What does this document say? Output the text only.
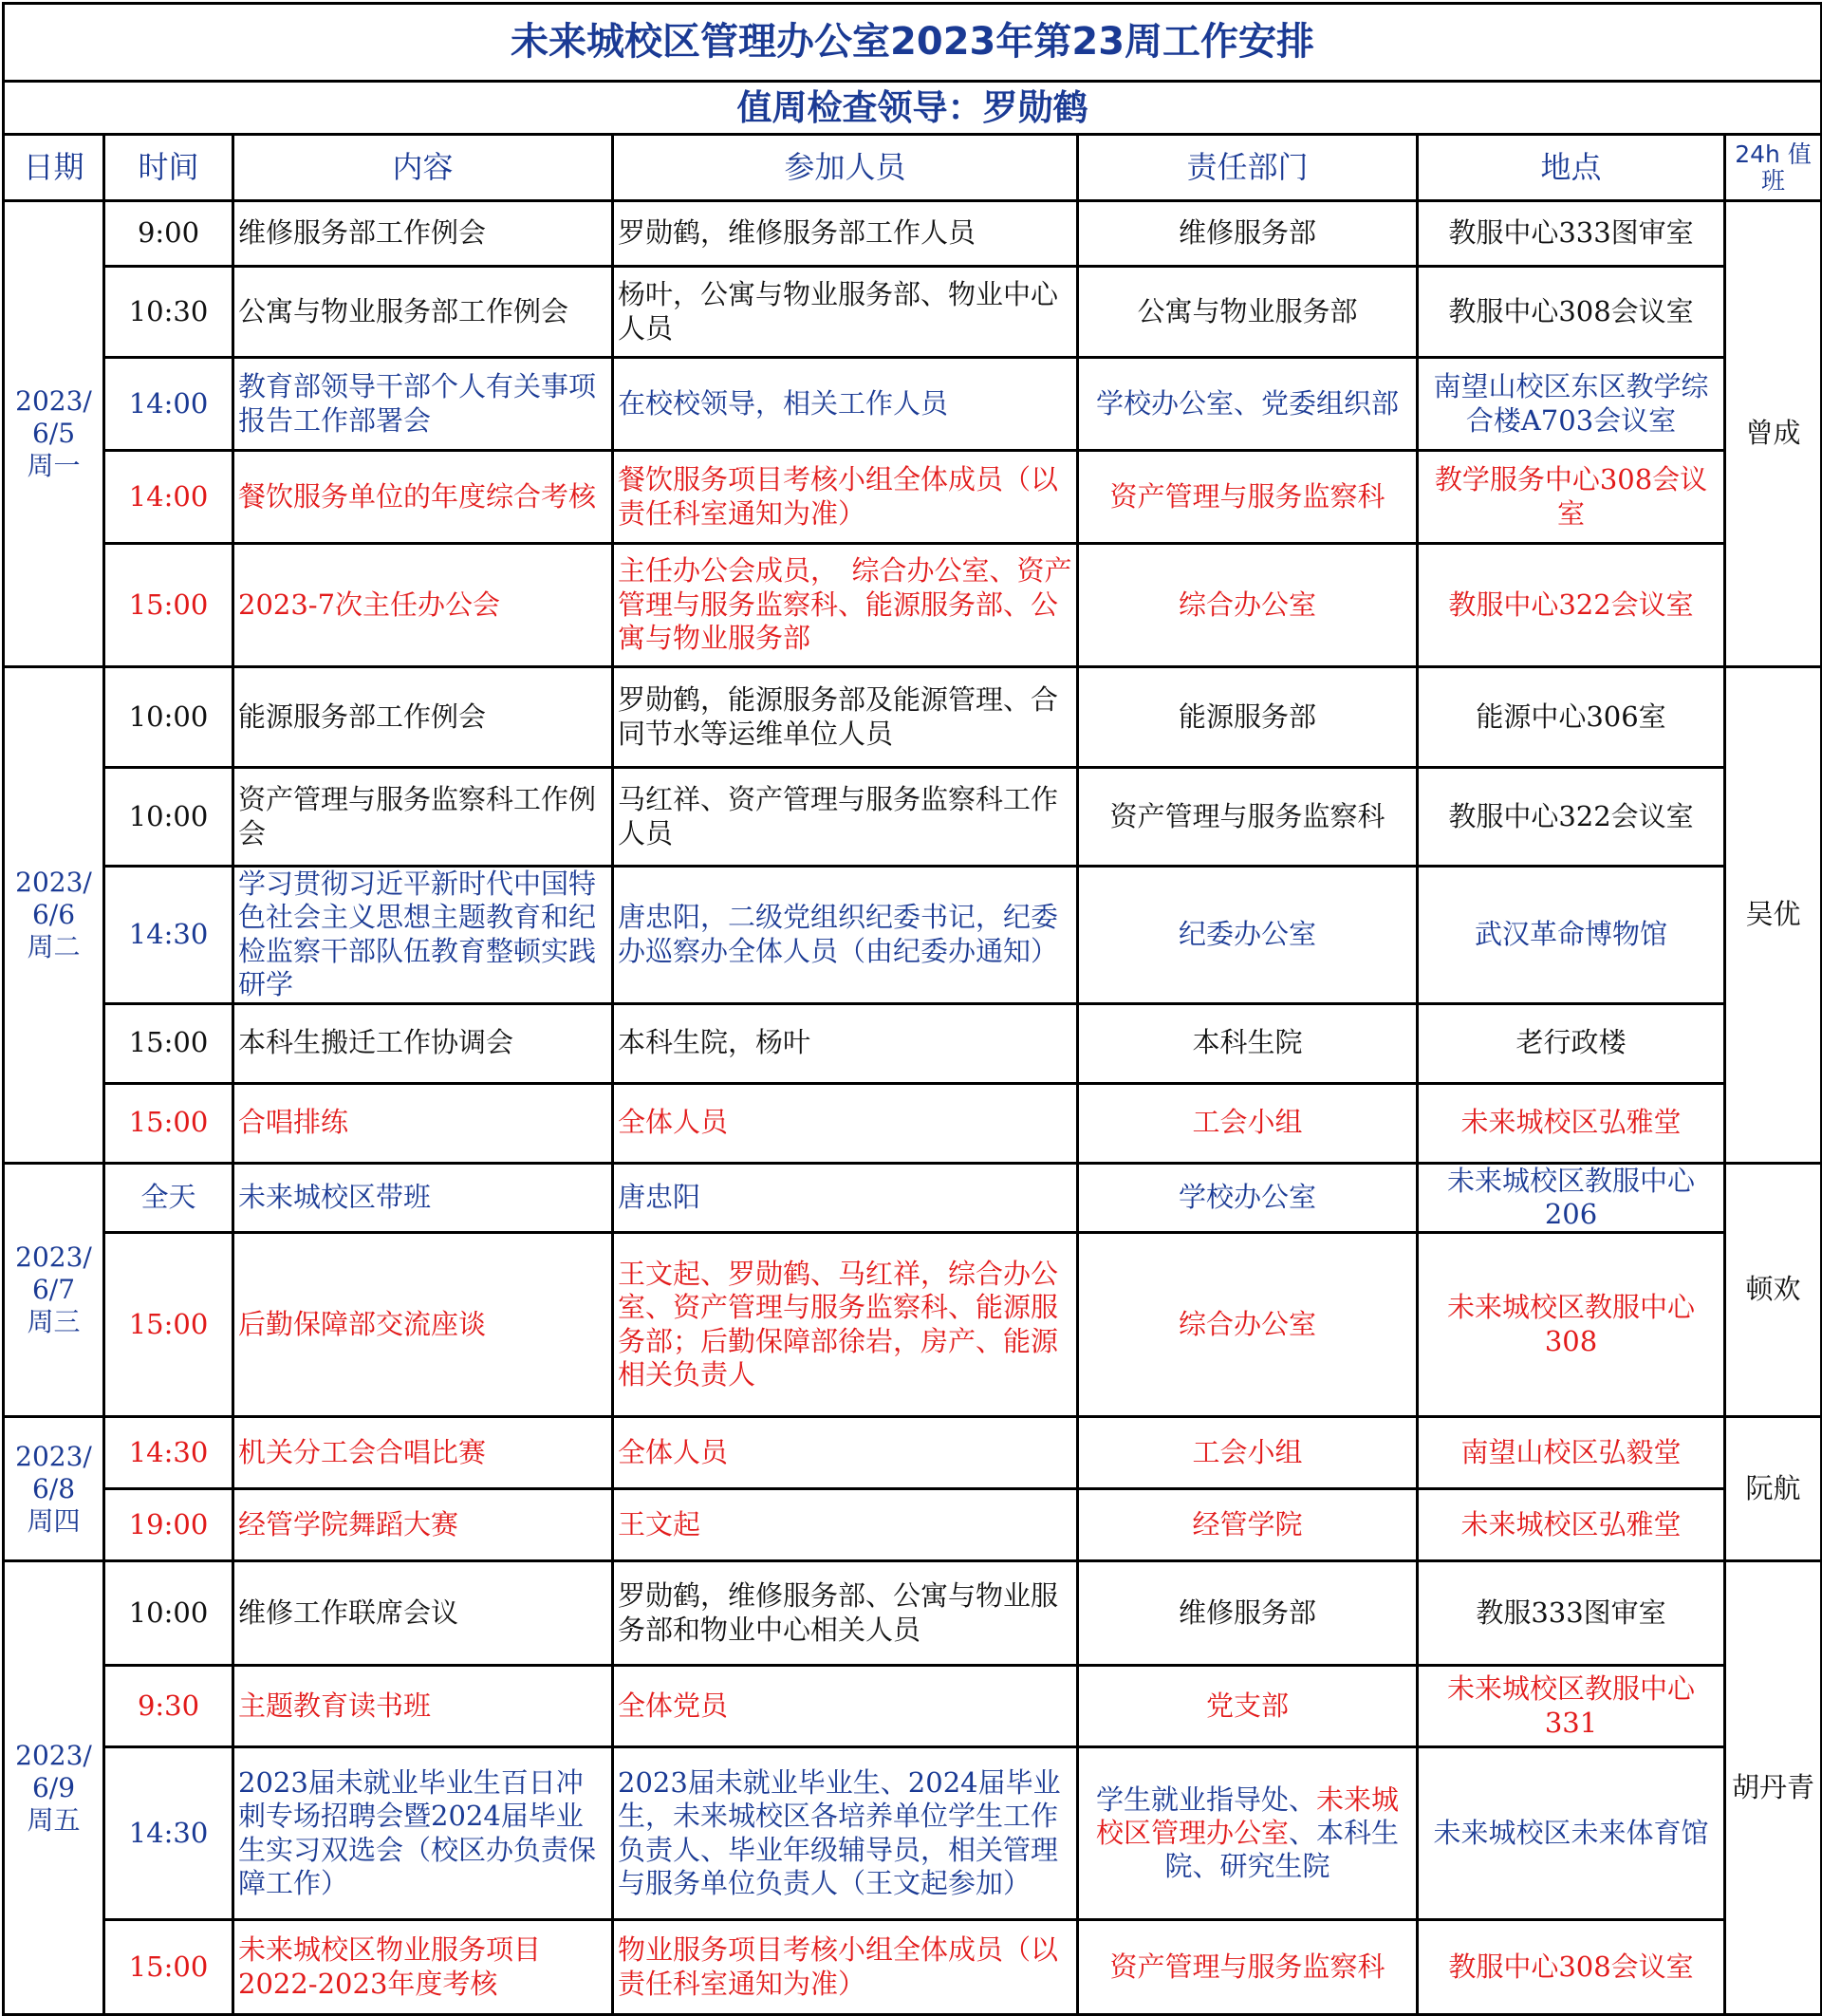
未来城校区管理办公室2023年第23周工作安排						
值周检查领导：罗勋鹤						
日期	时间	内容	参加人员	责任部门	地点	24h 值班

2023/6/5
周一	9:00	维修服务部工作例会	罗勋鹤，维修服务部工作人员	维修服务部	教服中心333图审室	曾成
	10:30	公寓与物业服务部工作例会	杨叶，公寓与物业服务部、物业中心人员	公寓与物业服务部	教服中心308会议室	
	14:00	教育部领导干部个人有关事项报告工作部署会	在校校领导，相关工作人员	学校办公室、党委组织部	南望山校区东区教学综合楼A703会议室	
	14:00	餐饮服务单位的年度综合考核	餐饮服务项目考核小组全体成员（以责任科室通知为准）	资产管理与服务监察科	教学服务中心308会议室	
	15:00	2023-7次主任办公会	主任办公会成员，　综合办公室、资产管理与服务监察科、能源服务部、公寓与物业服务部	综合办公室	教服中心322会议室	

2023/6/6
周二	10:00	能源服务部工作例会	罗勋鹤，能源服务部及能源管理、合同节水等运维单位人员	能源服务部	能源中心306室	吴优
	10:00	资产管理与服务监察科工作例会	马红祥、资产管理与服务监察科工作人员	资产管理与服务监察科	教服中心322会议室	
	14:30	学习贯彻习近平新时代中国特色社会主义思想主题教育和纪检监察干部队伍教育整顿实践研学	唐忠阳，二级党组织纪委书记，纪委办巡察办全体人员（由纪委办通知）	纪委办公室	武汉革命博物馆	
	15:00	本科生搬迁工作协调会	本科生院，杨叶	本科生院	老行政楼	
	15:00	合唱排练	全体人员	工会小组	未来城校区弘雅堂	

2023/6/7
周三	全天	未来城校区带班	唐忠阳	学校办公室	未来城校区教服中心206	顿欢
	15:00	后勤保障部交流座谈	王文起、罗勋鹤、马红祥，综合办公室、资产管理与服务监察科、能源服务部；后勤保障部徐岩，房产、能源相关负责人	综合办公室	未来城校区教服中心308	

2023/6/8
周四	14:30	机关分工会合唱比赛	全体人员	工会小组	南望山校区弘毅堂	阮航
	19:00	经管学院舞蹈大赛	王文起	经管学院	未来城校区弘雅堂	

2023/6/9
周五	10:00	维修工作联席会议	罗勋鹤，维修服务部、公寓与物业服务部和物业中心相关人员	维修服务部	教服333图审室	胡丹青
	9:30	主题教育读书班	全体党员	党支部	未来城校区教服中心331	
	14:30	2023届未就业毕业生百日冲刺专场招聘会暨2024届毕业生实习双选会（校区办负责保障工作）	2023届未就业毕业生、2024届毕业生，未来城校区各培养单位学生工作负责人、毕业年级辅导员，相关管理与服务单位负责人（王文起参加）	学生就业指导处、未来城校区管理办公室、本科生院、研究生院	未来城校区未来体育馆	
	15:00	未来城校区物业服务项目2022-2023年度考核	物业服务项目考核小组全体成员（以责任科室通知为准）	资产管理与服务监察科	教服中心308会议室	
